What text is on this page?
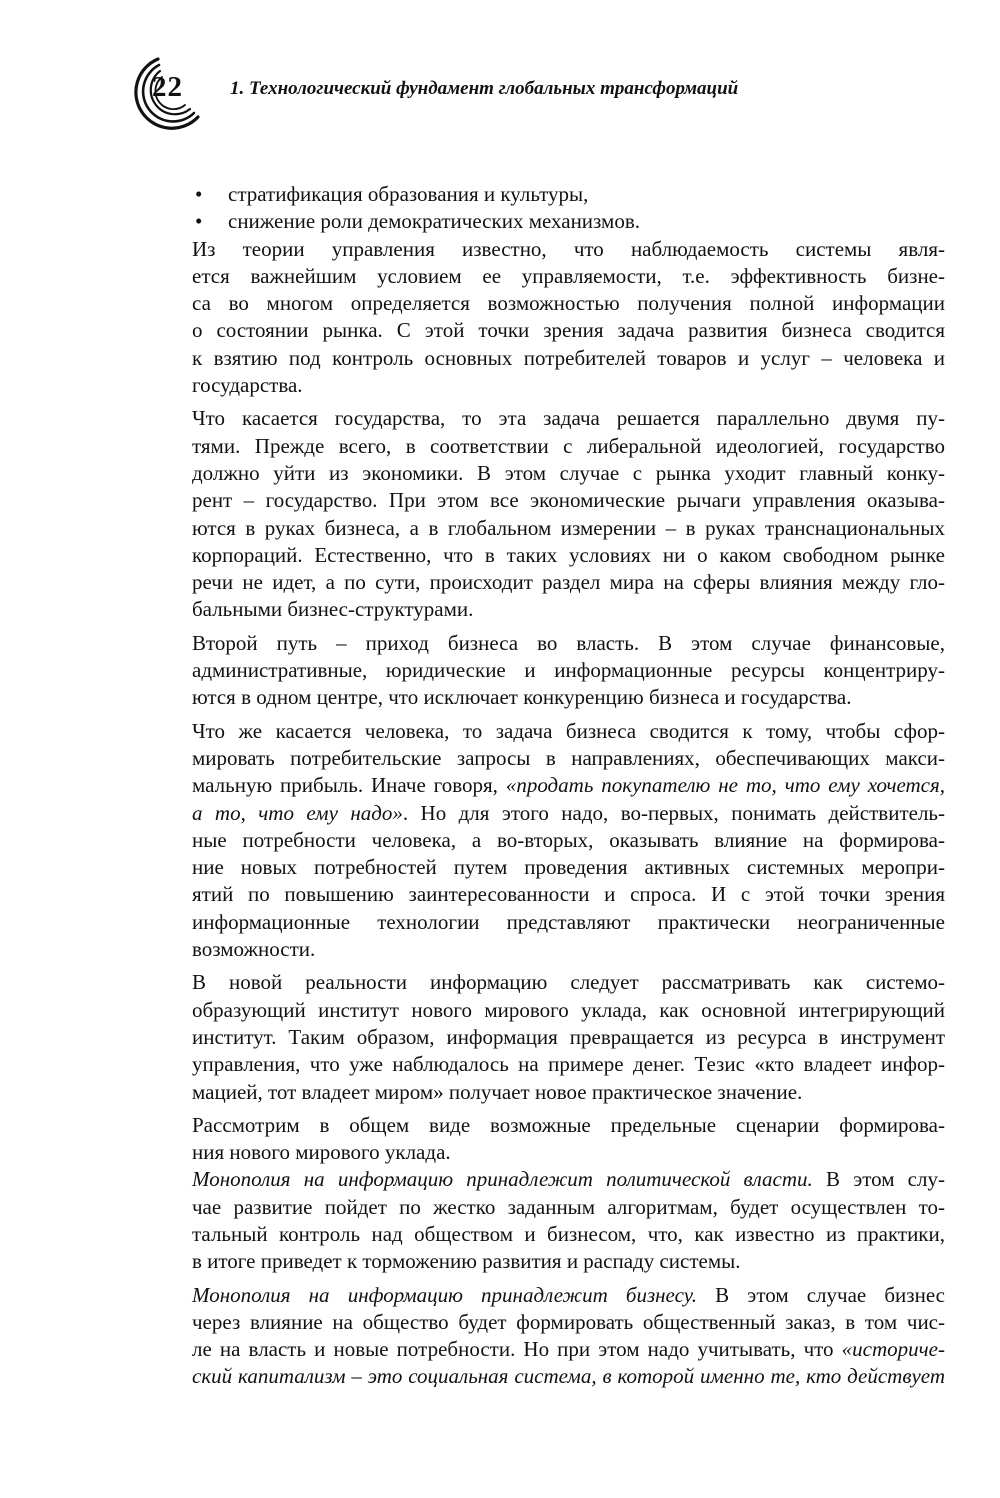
22 1. Технологический фундамент глобальных трансформаций
• стратификация образования и культуры,
• снижение роли демократических механизмов.

Из теории управления известно, что наблюдаемость системы явля-
ется важнейшим условием ее управляемости, т.е. эффективность бизне-
са во многом определяется возможностью получения полной информации
о состоянии рынка. С этой точки зрения задача развития бизнеса сводится
к взятию под контроль основных потребителей товаров и услуг – человека и
государства.

Что касается государства, то эта задача решается параллельно двумя пу-
тями. Прежде всего, в соответствии с либеральной идеологией, государство
должно уйти из экономики. В этом случае с рынка уходит главный конку-
рент – государство. При этом все экономические рычаги управления оказыва-
ются в руках бизнеса, а в глобальном измерении – в руках транснациональных
корпораций. Естественно, что в таких условиях ни о каком свободном рынке
речи не идет, а по сути, происходит раздел мира на сферы влияния между гло-
бальными бизнес-структурами.

Второй путь – приход бизнеса во власть. В этом случае финансовые,
административные, юридические и информационные ресурсы концентриру-
ются в одном центре, что исключает конкуренцию бизнеса и государства.

Что же касается человека, то задача бизнеса сводится к тому, чтобы сфор-
мировать потребительские запросы в направлениях, обеспечивающих макси-
мальную прибыль. Иначе говоря, «продать покупателю не то, что ему хочется,
а то, что ему надо». Но для этого надо, во-первых, понимать действитель-
ные потребности человека, а во-вторых, оказывать влияние на формирова-
ние новых потребностей путем проведения активных системных меропри-
ятий по повышению заинтересованности и спроса. И с этой точки зрения
информационные технологии представляют практически неограниченные
возможности.

В новой реальности информацию следует рассматривать как системо-
образующий институт нового мирового уклада, как основной интегрирующий
институт. Таким образом, информация превращается из ресурса в инструмент
управления, что уже наблюдалось на примере денег. Тезис «кто владеет инфор-
мацией, тот владеет миром» получает новое практическое значение.

Рассмотрим в общем виде возможные предельные сценарии формирова-
ния нового мирового уклада.

Монополия на информацию принадлежит политической власти. В этом слу-
чае развитие пойдет по жестко заданным алгоритмам, будет осуществлен то-
тальный контроль над обществом и бизнесом, что, как известно из практики,
в итоге приведет к торможению развития и распаду системы.

Монополия на информацию принадлежит бизнесу. В этом случае бизнес
через влияние на общество будет формировать общественный заказ, в том чис-
ле на власть и новые потребности. Но при этом надо учитывать, что «историче-
ский капитализм – это социальная система, в которой именно те, кто действует
